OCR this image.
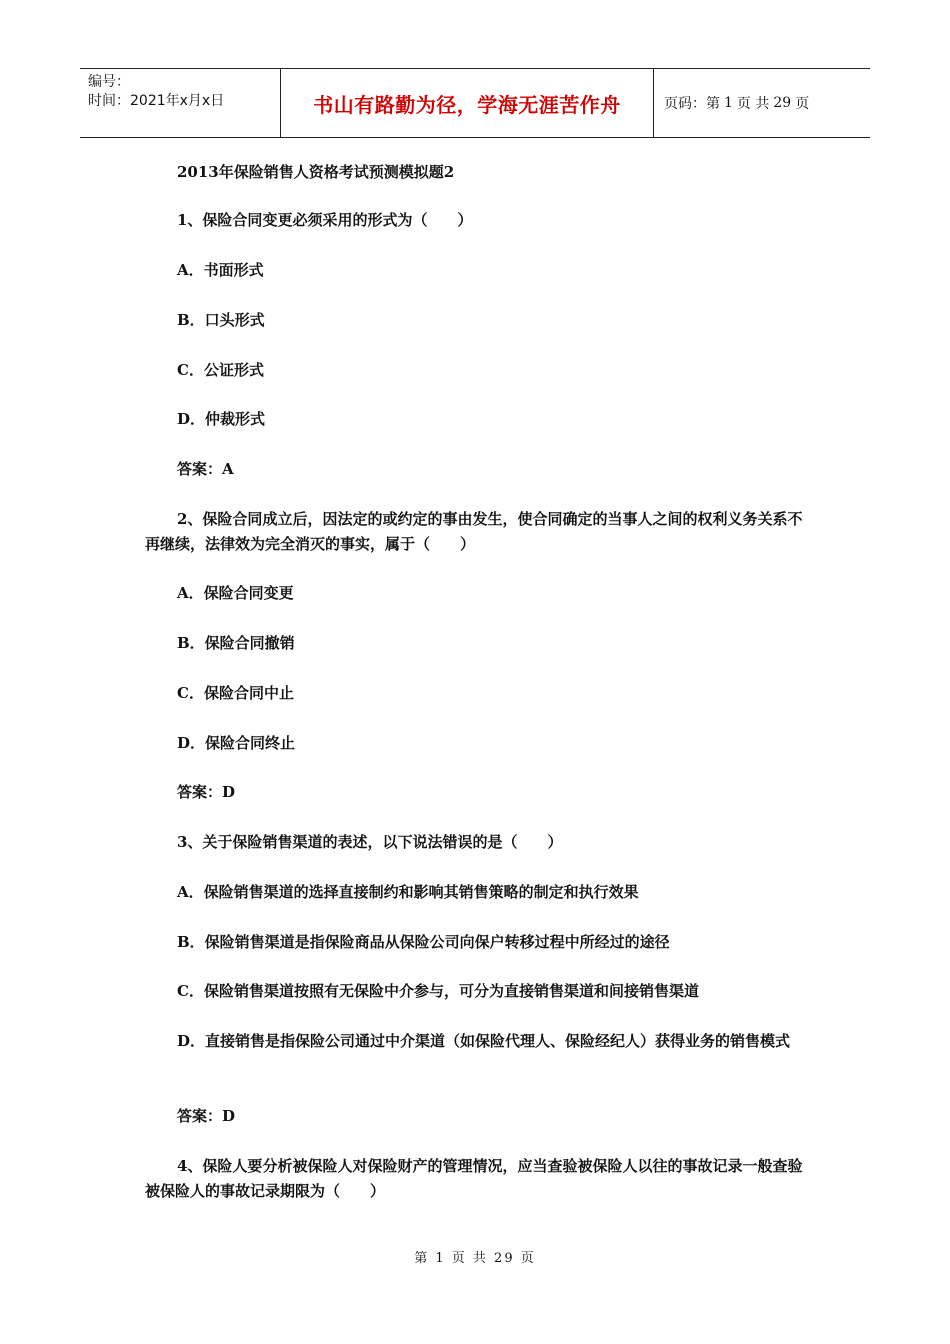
编号：
时间：2021年x月x日	书山有路勤为径，学海无涯苦作舟	页码：第 1 页 共 29 页
2013年保险销售人资格考试预测模拟题2
1、保险合同变更必须采用的形式为（　　）
A．书面形式
B．口头形式
C．公证形式
D．仲裁形式
答案：A
2、保险合同成立后，因法定的或约定的事由发生，使合同确定的当事人之间的权利义务关系不再继续，法律效为完全消灭的事实，属于（　　）
A．保险合同变更
B．保险合同撤销
C．保险合同中止
D．保险合同终止
答案：D
3、关于保险销售渠道的表述，以下说法错误的是（　　）
A．保险销售渠道的选择直接制约和影响其销售策略的制定和执行效果
B．保险销售渠道是指保险商品从保险公司向保户转移过程中所经过的途径
C．保险销售渠道按照有无保险中介参与，可分为直接销售渠道和间接销售渠道
D．直接销售是指保险公司通过中介渠道（如保险代理人、保险经纪人）获得业务的销售模式
答案：D
4、保险人要分析被保险人对保险财产的管理情况，应当查验被保险人以往的事故记录一般查验被保险人的事故记录期限为（　　）
第 1 页 共 29 页
